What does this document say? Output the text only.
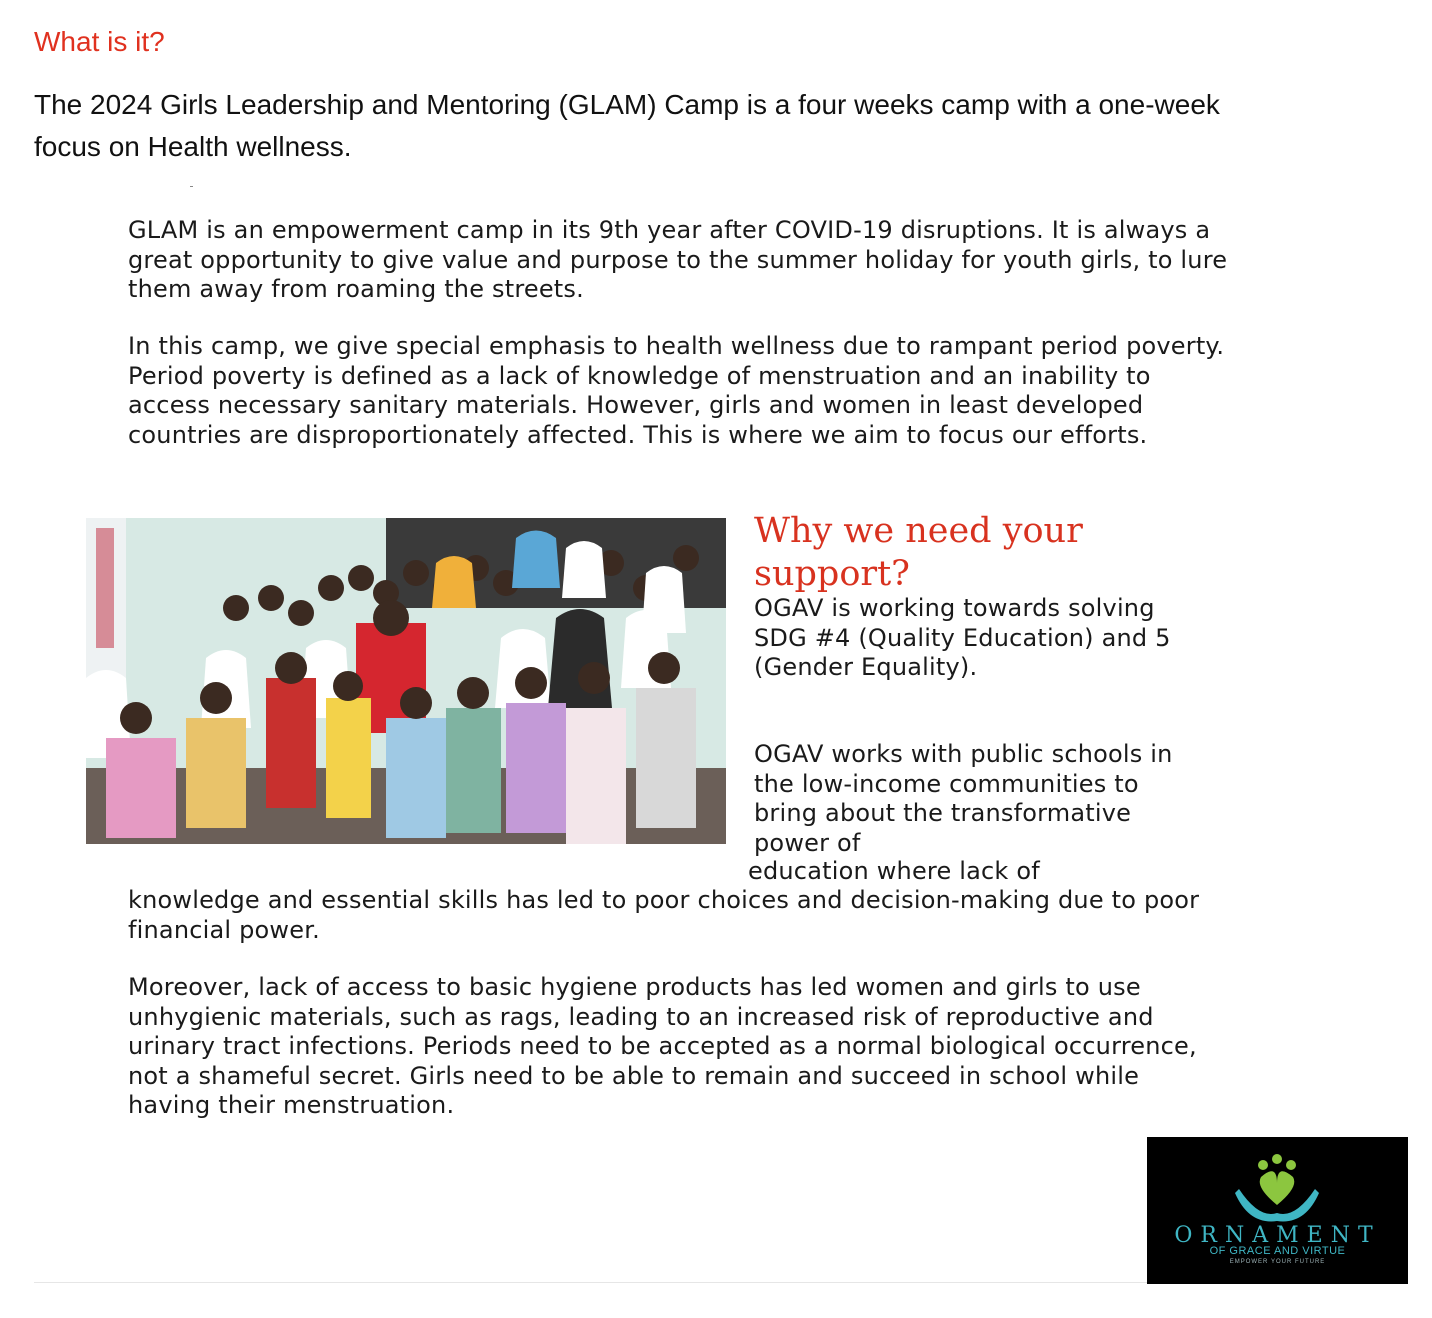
What is it?

The 2024 Girls Leadership and Mentoring (GLAM) Camp is a four weeks camp with a one-week focus on Health wellness.

GLAM is an empowerment camp in its 9th year after COVID-19 disruptions. It is always a great opportunity to give value and purpose to the summer holiday for youth girls, to lure them away from roaming the streets.

In this camp, we give special emphasis to health wellness due to rampant period poverty. Period poverty is defined as a lack of knowledge of menstruation and an inability to access necessary sanitary materials. However, girls and women in least developed countries are disproportionately affected. This is where we aim to focus our efforts.

Why we need your support?

OGAV is working towards solving SDG #4 (Quality Education) and 5 (Gender Equality).

OGAV works with public schools in the low-income communities to bring about the transformative power of

education where lack of

knowledge and essential skills has led to poor choices and decision-making due to poor financial power.

Moreover, lack of access to basic hygiene products has led women and girls to use unhygienic materials, such as rags, leading to an increased risk of reproductive and urinary tract infections. Periods need to be accepted as a normal biological occurrence, not a shameful secret. Girls need to be able to remain and succeed in school while having their menstruation.

ORNAMENT

OF GRACE AND VIRTUE

EMPOWER YOUR FUTURE
